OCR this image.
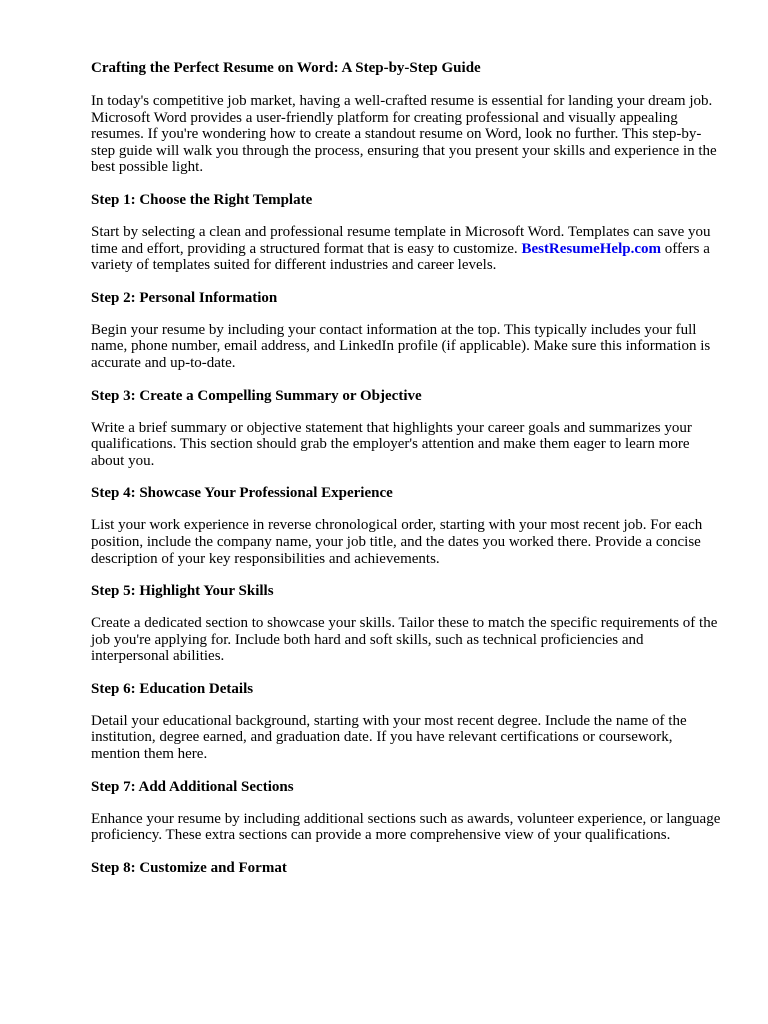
Crafting the Perfect Resume on Word: A Step-by-Step Guide

In today's competitive job market, having a well-crafted resume is essential for landing your dream job. Microsoft Word provides a user-friendly platform for creating professional and visually appealing resumes. If you're wondering how to create a standout resume on Word, look no further. This step-by-step guide will walk you through the process, ensuring that you present your skills and experience in the best possible light.

Step 1: Choose the Right Template

Start by selecting a clean and professional resume template in Microsoft Word. Templates can save you time and effort, providing a structured format that is easy to customize. BestResumeHelp.com offers a variety of templates suited for different industries and career levels.

Step 2: Personal Information

Begin your resume by including your contact information at the top. This typically includes your full name, phone number, email address, and LinkedIn profile (if applicable). Make sure this information is accurate and up-to-date.

Step 3: Create a Compelling Summary or Objective

Write a brief summary or objective statement that highlights your career goals and summarizes your qualifications. This section should grab the employer's attention and make them eager to learn more about you.

Step 4: Showcase Your Professional Experience

List your work experience in reverse chronological order, starting with your most recent job. For each position, include the company name, your job title, and the dates you worked there. Provide a concise description of your key responsibilities and achievements.

Step 5: Highlight Your Skills

Create a dedicated section to showcase your skills. Tailor these to match the specific requirements of the job you're applying for. Include both hard and soft skills, such as technical proficiencies and interpersonal abilities.

Step 6: Education Details

Detail your educational background, starting with your most recent degree. Include the name of the institution, degree earned, and graduation date. If you have relevant certifications or coursework, mention them here.

Step 7: Add Additional Sections

Enhance your resume by including additional sections such as awards, volunteer experience, or language proficiency. These extra sections can provide a more comprehensive view of your qualifications.

Step 8: Customize and Format
